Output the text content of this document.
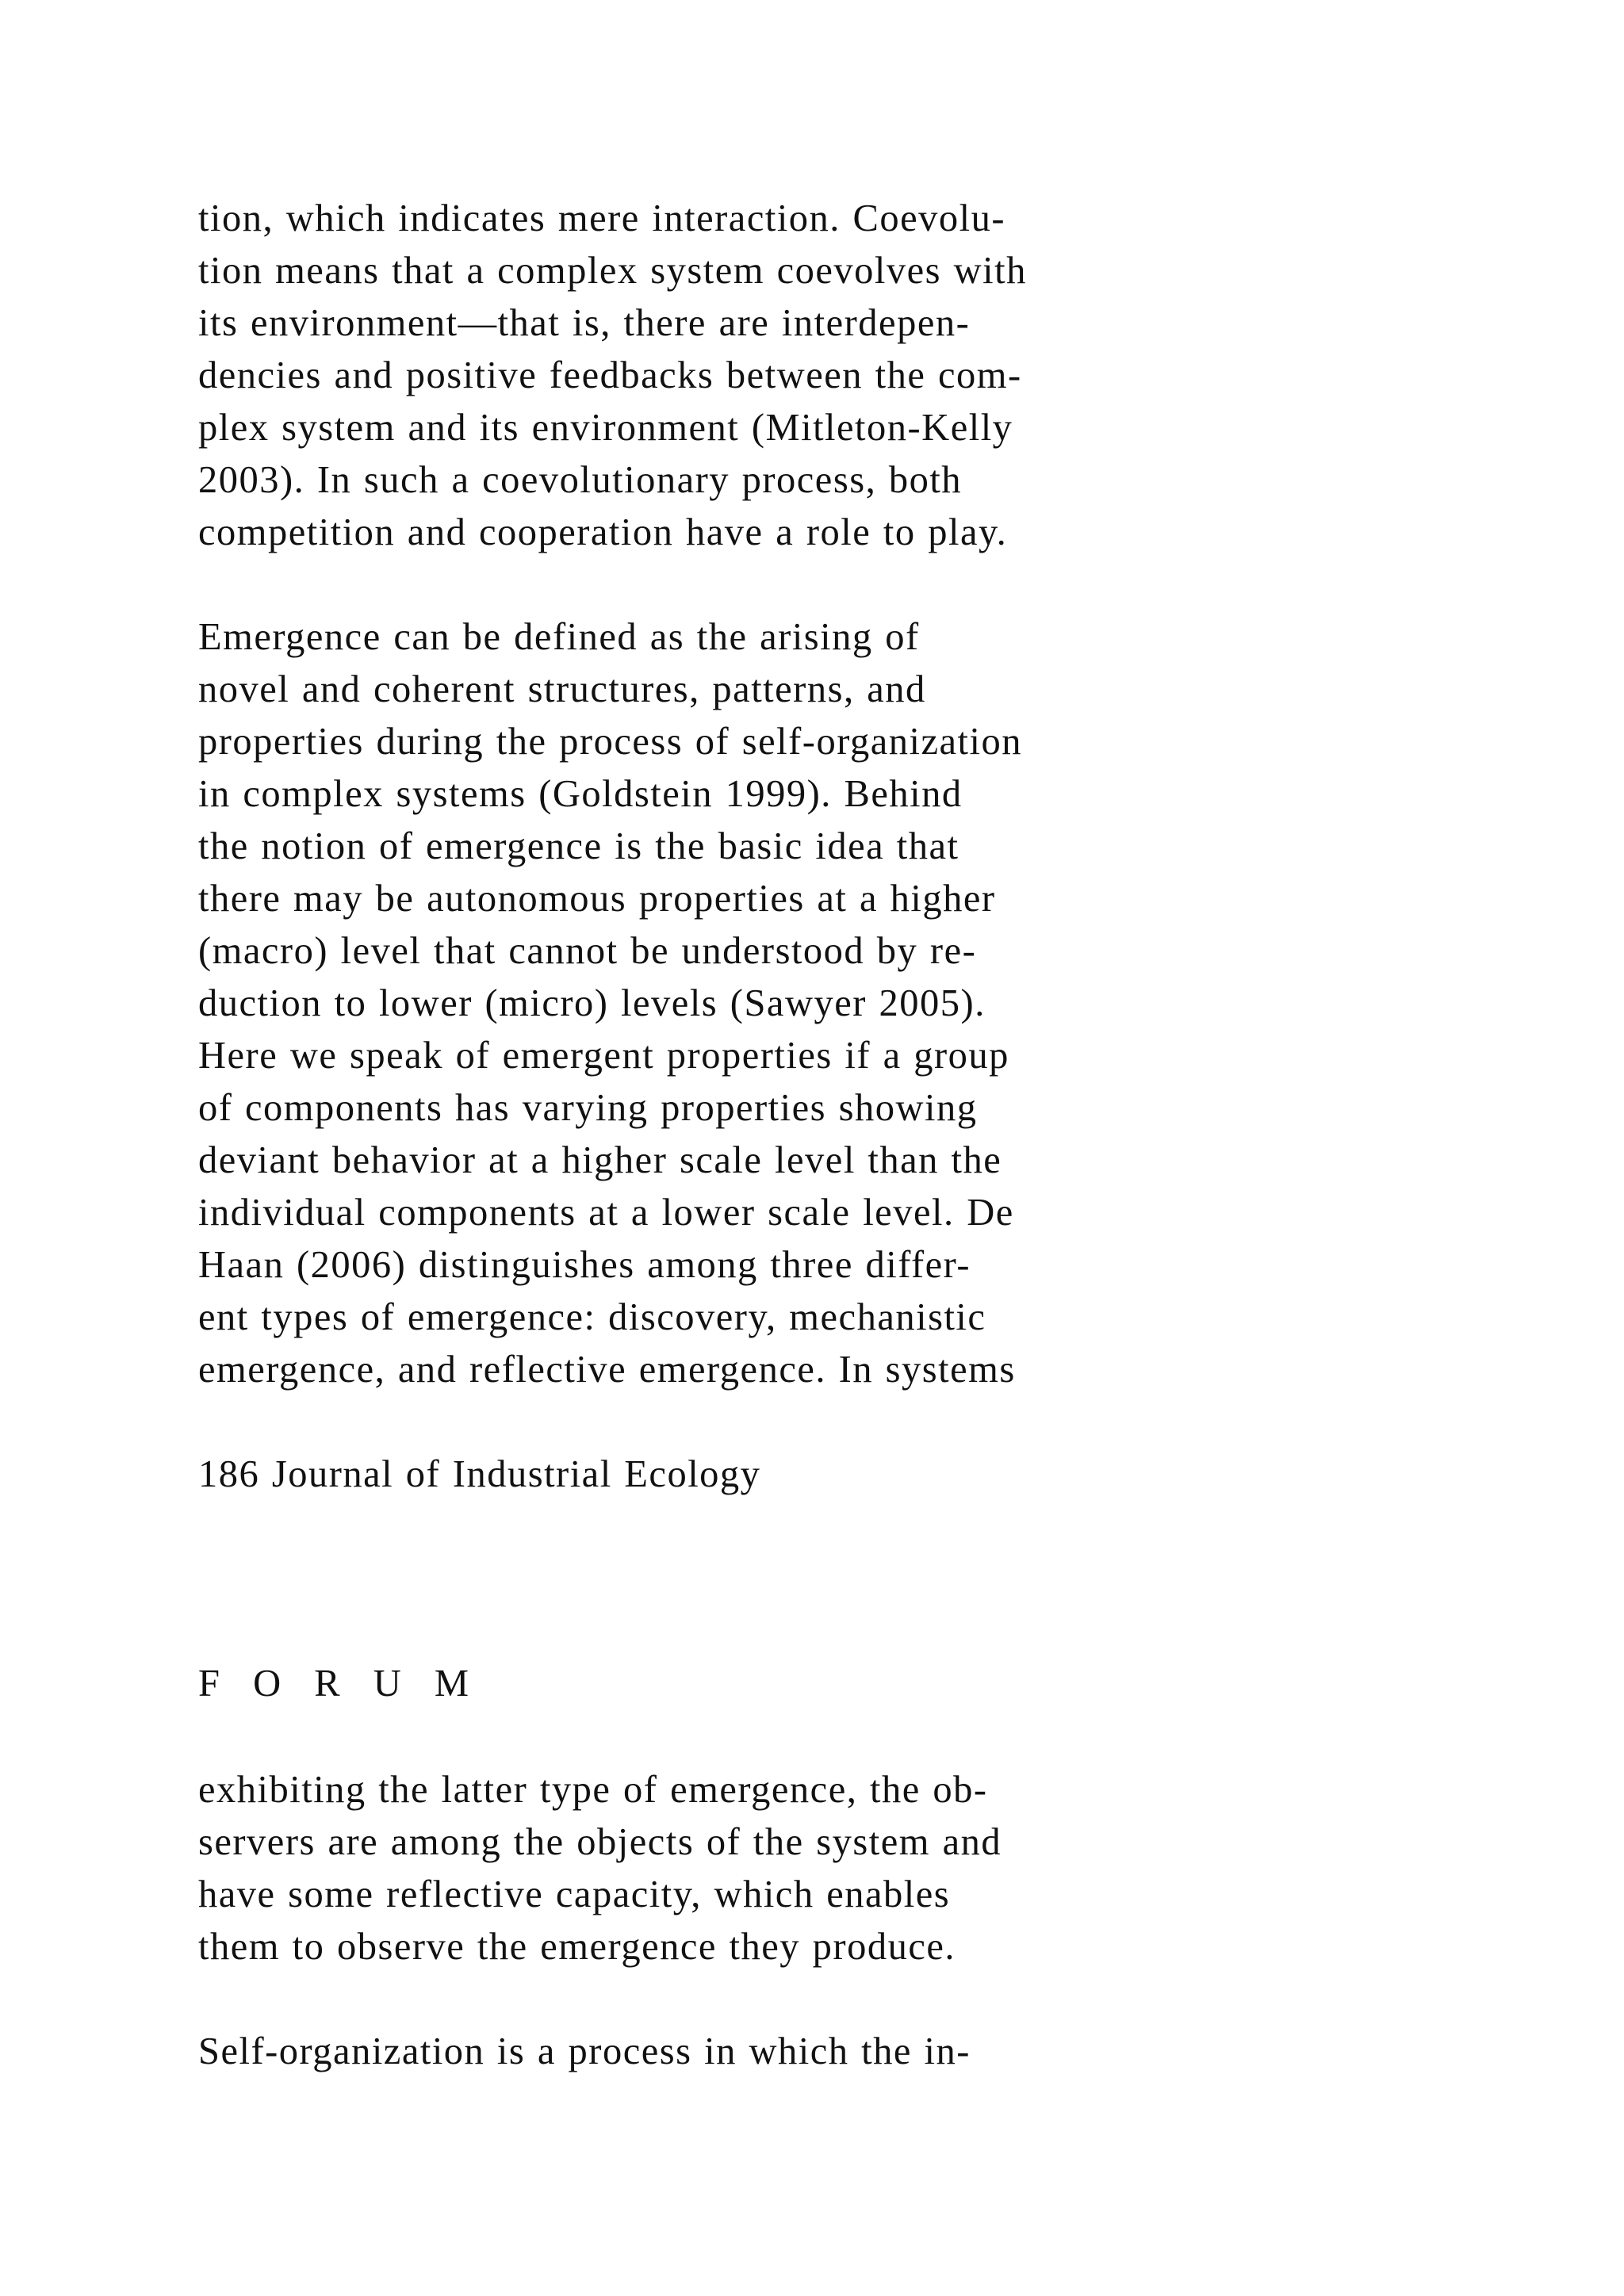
tion, which indicates mere interaction. Coevolu-

tion means that a complex system coevolves with

its environment—that is, there are interdepen-

dencies and positive feedbacks between the com-

plex system and its environment (Mitleton-Kelly

2003). In such a coevolutionary process, both

competition and cooperation have a role to play.

Emergence can be defined as the arising of

novel and coherent structures, patterns, and

properties during the process of self-organization

in complex systems (Goldstein 1999). Behind

the notion of emergence is the basic idea that

there may be autonomous properties at a higher

(macro) level that cannot be understood by re-

duction to lower (micro) levels (Sawyer 2005).

Here we speak of emergent properties if a group

of components has varying properties showing

deviant behavior at a higher scale level than the

individual components at a lower scale level. De

Haan (2006) distinguishes among three differ-

ent types of emergence: discovery, mechanistic

emergence, and reflective emergence. In systems

186 Journal of Industrial Ecology

F O R U M

exhibiting the latter type of emergence, the ob-

servers are among the objects of the system and

have some reflective capacity, which enables

them to observe the emergence they produce.

Self-organization is a process in which the in-
